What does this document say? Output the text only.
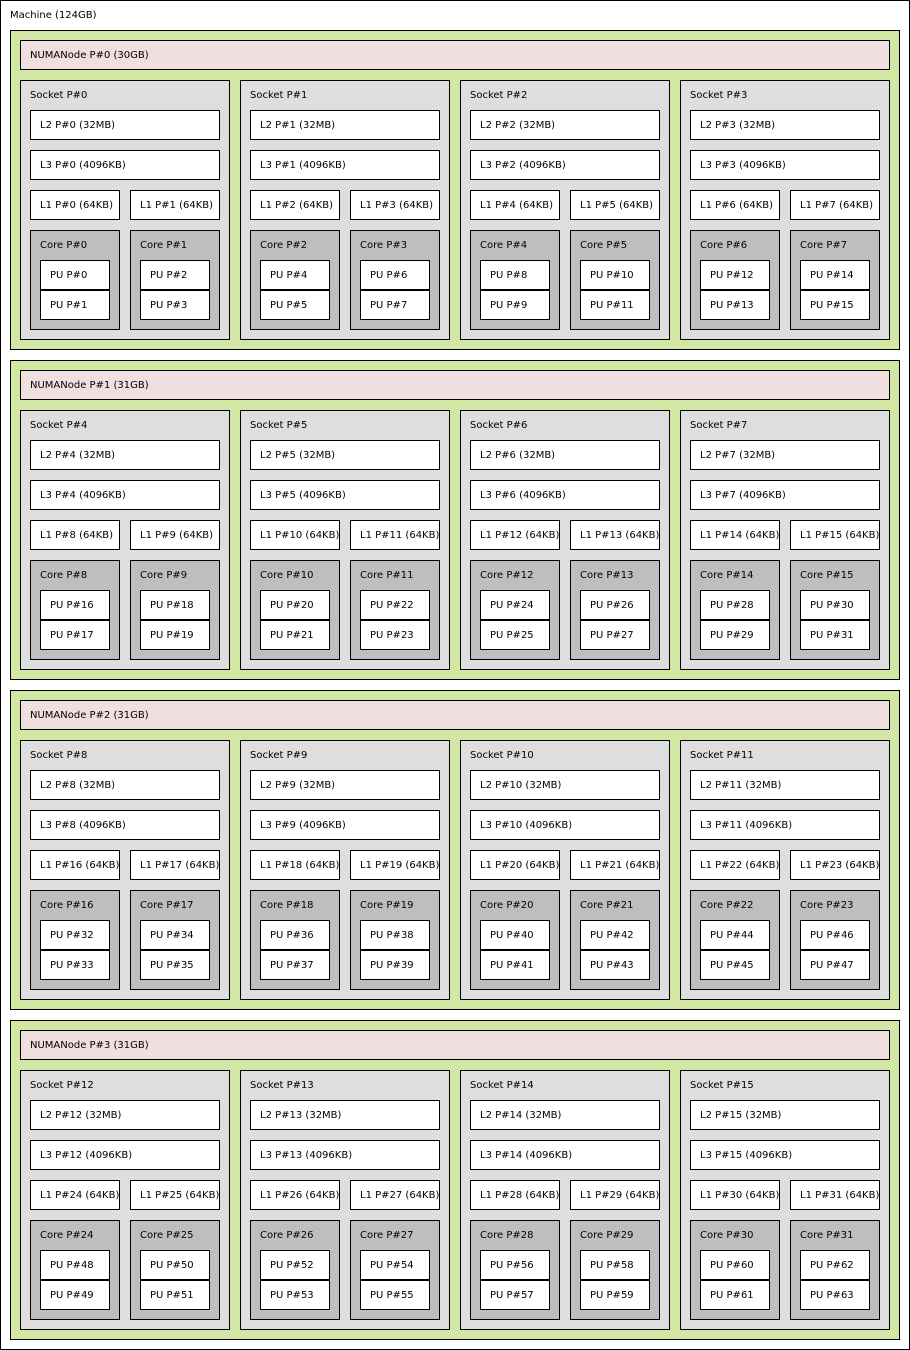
Machine (124GB)
NUMANode P#0 (30GB)
Socket P#0
L2 P#0 (32MB)
L3 P#0 (4096KB)
L1 P#0 (64KB)	L1 P#1 (64KB)
Core P#0
PU P#0
PU P#1
Core P#1
PU P#2
PU P#3
Socket P#1
L2 P#1 (32MB)
L3 P#1 (4096KB)
L1 P#2 (64KB)	L1 P#3 (64KB)
Core P#2
PU P#4
PU P#5
Core P#3
PU P#6
PU P#7
Socket P#2
L2 P#2 (32MB)
L3 P#2 (4096KB)
L1 P#4 (64KB)	L1 P#5 (64KB)
Core P#4
PU P#8
PU P#9
Core P#5
PU P#10
PU P#11
Socket P#3
L2 P#3 (32MB)
L3 P#3 (4096KB)
L1 P#6 (64KB)	L1 P#7 (64KB)
Core P#6
PU P#12
PU P#13
Core P#7
PU P#14
PU P#15
NUMANode P#1 (31GB)
Socket P#4
L2 P#4 (32MB)
L3 P#4 (4096KB)
L1 P#8 (64KB)	L1 P#9 (64KB)
Core P#8
PU P#16
PU P#17
Core P#9
PU P#18
PU P#19
Socket P#5
L2 P#5 (32MB)
L3 P#5 (4096KB)
L1 P#10 (64KB) L1 P#11 (64KB)
Core P#10
PU P#20
PU P#21
Core P#11
PU P#22
PU P#23
Socket P#6
L2 P#6 (32MB)
L3 P#6 (4096KB)
L1 P#12 (64KB) L1 P#13 (64KB)
Core P#12
PU P#24
PU P#25
Core P#13
PU P#26
PU P#27
Socket P#7
L2 P#7 (32MB)
L3 P#7 (4096KB)
L1 P#14 (64KB) L1 P#15 (64KB)
Core P#14
PU P#28
PU P#29
Core P#15
PU P#30
PU P#31
NUMANode P#2 (31GB)
Socket P#8
L2 P#8 (32MB)
L3 P#8 (4096KB)
L1 P#16 (64KB) L1 P#17 (64KB)
Core P#16
PU P#32
PU P#33
Core P#17
PU P#34
PU P#35
Socket P#9
L2 P#9 (32MB)
L3 P#9 (4096KB)
L1 P#18 (64KB) L1 P#19 (64KB)
Core P#18
PU P#36
PU P#37
Core P#19
PU P#38
PU P#39
Socket P#10
L2 P#10 (32MB)
L3 P#10 (4096KB)
L1 P#20 (64KB) L1 P#21 (64KB)
Core P#20
PU P#40
PU P#41
Core P#21
PU P#42
PU P#43
Socket P#11
L2 P#11 (32MB)
L3 P#11 (4096KB)
L1 P#22 (64KB) L1 P#23 (64KB)
Core P#22
PU P#44
PU P#45
Core P#23
PU P#46
PU P#47
NUMANode P#3 (31GB)
Socket P#12
L2 P#12 (32MB)
L3 P#12 (4096KB)
L1 P#24 (64KB) L1 P#25 (64KB)
Core P#24
PU P#48
PU P#49
Core P#25
PU P#50
PU P#51
Socket P#13
L2 P#13 (32MB)
L3 P#13 (4096KB)
L1 P#26 (64KB) L1 P#27 (64KB)
Core P#26
PU P#52
PU P#53
Core P#27
PU P#54
PU P#55
Socket P#14
L2 P#14 (32MB)
L3 P#14 (4096KB)
L1 P#28 (64KB) L1 P#29 (64KB)
Core P#28
PU P#56
PU P#57
Core P#29
PU P#58
PU P#59
Socket P#15
L2 P#15 (32MB)
L3 P#15 (4096KB)
L1 P#30 (64KB) L1 P#31 (64KB)
Core P#30
PU P#60
PU P#61
Core P#31
PU P#62
PU P#63
